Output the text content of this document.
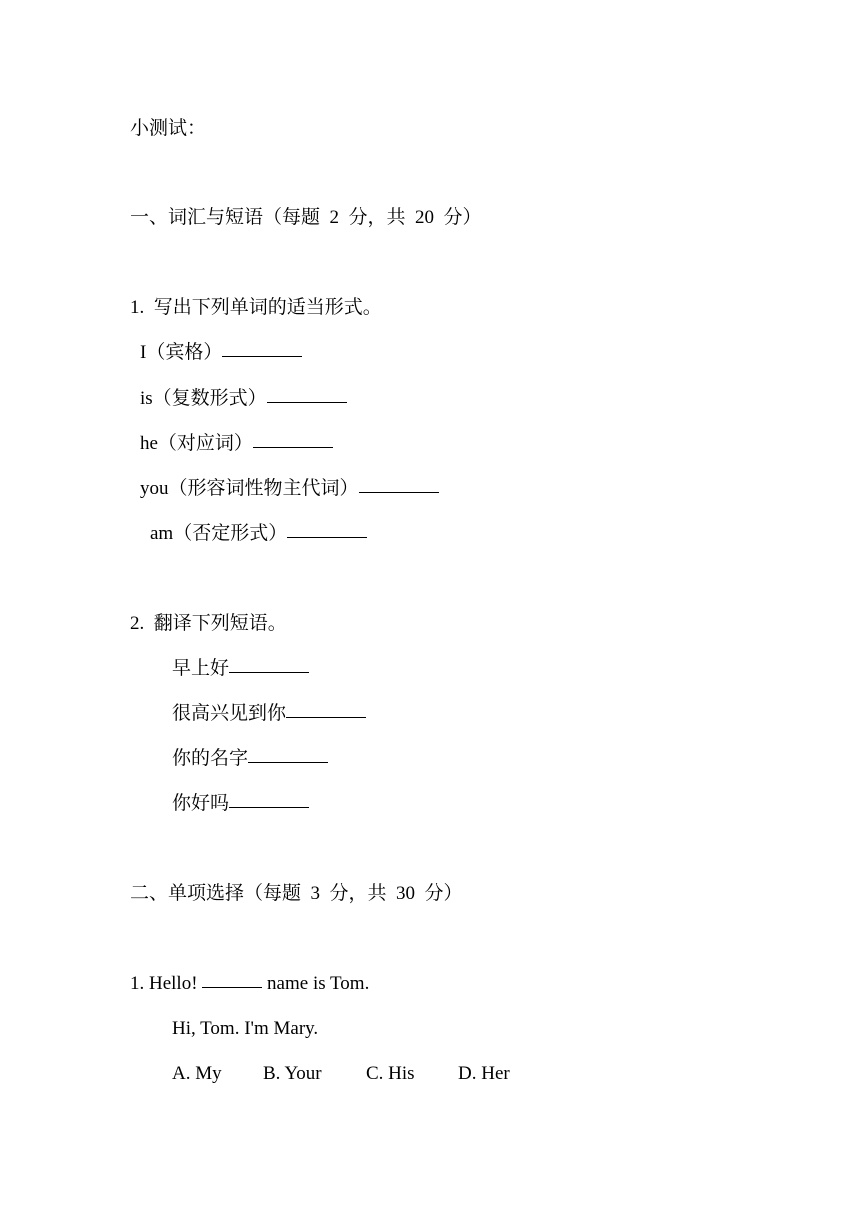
小测试：
一、词汇与短语（每题  2  分，共  20  分）
1.  写出下列单词的适当形式。
I（宾格）
is（复数形式）
he（对应词）
you（形容词性物主代词）
am（否定形式）
2.  翻译下列短语。
早上好
很高兴见到你
你的名字
你好吗
二、单项选择（每题  3  分，共  30  分）
1. Hello!	name is Tom.
Hi, Tom. I'm Mary.
A. My B. Your C. His D. Her
